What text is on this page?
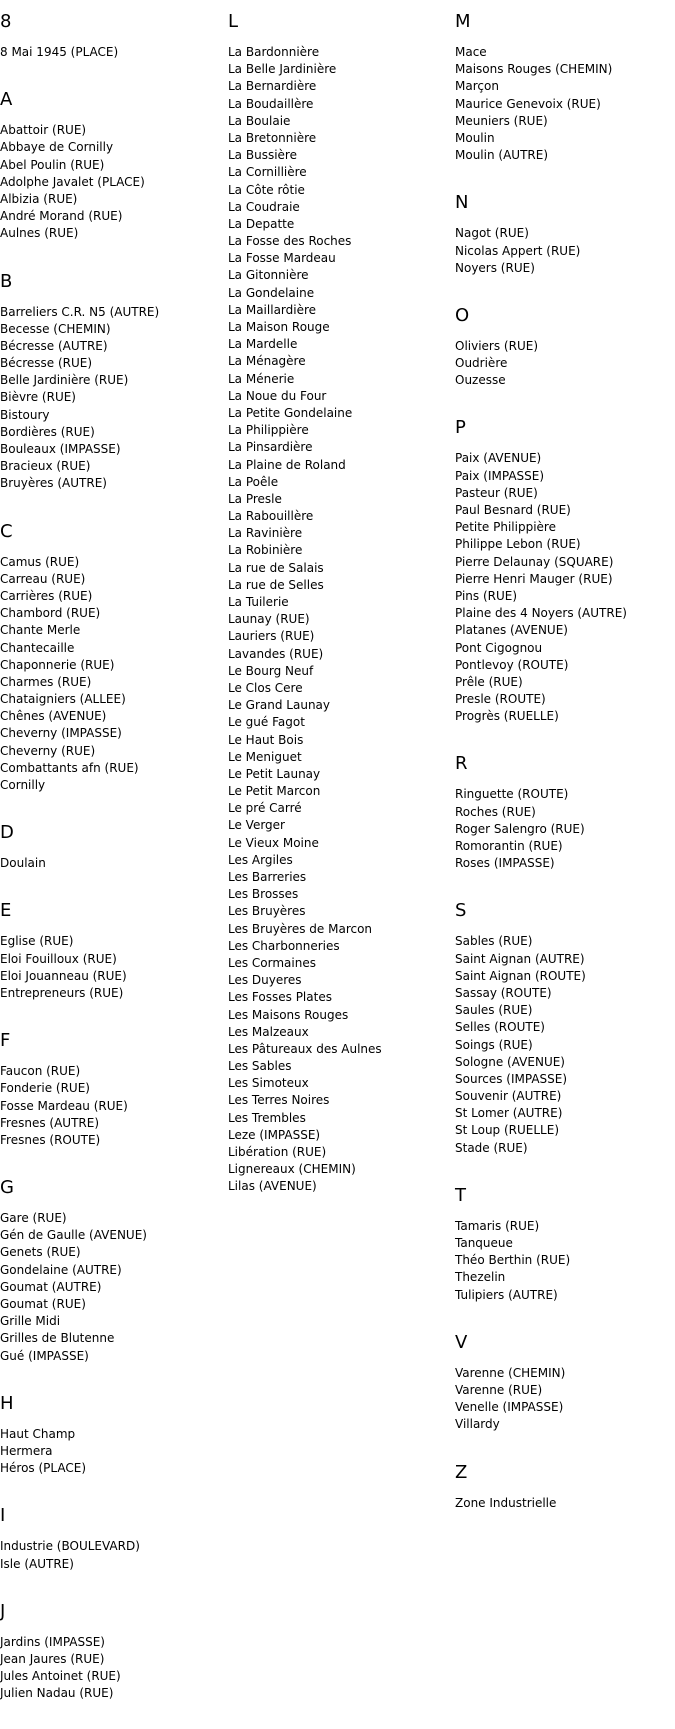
8
8 Mai 1945 (PLACE)
A
Abattoir (RUE)
Abbaye de Cornilly
Abel Poulin (RUE)
Adolphe Javalet (PLACE)
Albizia (RUE)
André Morand (RUE)
Aulnes (RUE)
B
Barreliers C.R. N5 (AUTRE)
Becesse (CHEMIN)
Bécresse (AUTRE)
Bécresse (RUE)
Belle Jardinière (RUE)
Bièvre (RUE)
Bistoury
Bordières (RUE)
Bouleaux (IMPASSE)
Bracieux (RUE)
Bruyères (AUTRE)
C
Camus (RUE)
Carreau (RUE)
Carrières (RUE)
Chambord (RUE)
Chante Merle
Chantecaille
Chaponnerie (RUE)
Charmes (RUE)
Chataigniers (ALLEE)
Chênes (AVENUE)
Cheverny (IMPASSE)
Cheverny (RUE)
Combattants afn (RUE)
Cornilly
D
Doulain
E
Eglise (RUE)
Eloi Fouilloux (RUE)
Eloi Jouanneau (RUE)
Entrepreneurs (RUE)
F
Faucon (RUE)
Fonderie (RUE)
Fosse Mardeau (RUE)
Fresnes (AUTRE)
Fresnes (ROUTE)
G
Gare (RUE)
Gén de Gaulle (AVENUE)
Genets (RUE)
Gondelaine (AUTRE)
Goumat (AUTRE)
Goumat (RUE)
Grille Midi
Grilles de Blutenne
Gué (IMPASSE)
H
Haut Champ
Hermera
Héros (PLACE)
I
Industrie (BOULEVARD)
Isle (AUTRE)
J
Jardins (IMPASSE)
Jean Jaures (RUE)
Jules Antoinet (RUE)
Julien Nadau (RUE)
L
La Bardonnière
La Belle Jardinière
La Bernardière
La Boudaillère
La Boulaie
La Bretonnière
La Bussière
La Cornillière
La Côte rôtie
La Coudraie
La Depatte
La Fosse des Roches
La Fosse Mardeau
La Gitonnière
La Gondelaine
La Maillardière
La Maison Rouge
La Mardelle
La Ménagère
La Ménerie
La Noue du Four
La Petite Gondelaine
La Philippière
La Pinsardière
La Plaine de Roland
La Poêle
La Presle
La Rabouillère
La Ravinière
La Robinière
La rue de Salais
La rue de Selles
La Tuilerie
Launay (RUE)
Lauriers (RUE)
Lavandes (RUE)
Le Bourg Neuf
Le Clos Cere
Le Grand Launay
Le gué Fagot
Le Haut Bois
Le Meniguet
Le Petit Launay
Le Petit Marcon
Le pré Carré
Le Verger
Le Vieux Moine
Les Argiles
Les Barreries
Les Brosses
Les Bruyères
Les Bruyères de Marcon
Les Charbonneries
Les Cormaines
Les Duyeres
Les Fosses Plates
Les Maisons Rouges
Les Malzeaux
Les Pâtureaux des Aulnes
Les Sables
Les Simoteux
Les Terres Noires
Les Trembles
Leze (IMPASSE)
Libération (RUE)
Lignereaux (CHEMIN)
Lilas (AVENUE)
M
Mace
Maisons Rouges (CHEMIN)
Marçon
Maurice Genevoix (RUE)
Meuniers (RUE)
Moulin
Moulin (AUTRE)
N
Nagot (RUE)
Nicolas Appert (RUE)
Noyers (RUE)
O
Oliviers (RUE)
Oudrière
Ouzesse
P
Paix (AVENUE)
Paix (IMPASSE)
Pasteur (RUE)
Paul Besnard (RUE)
Petite Philippière
Philippe Lebon (RUE)
Pierre Delaunay (SQUARE)
Pierre Henri Mauger (RUE)
Pins (RUE)
Plaine des 4 Noyers (AUTRE)
Platanes (AVENUE)
Pont Cigognou
Pontlevoy (ROUTE)
Prêle (RUE)
Presle (ROUTE)
Progrès (RUELLE)
R
Ringuette (ROUTE)
Roches (RUE)
Roger Salengro (RUE)
Romorantin (RUE)
Roses (IMPASSE)
S
Sables (RUE)
Saint Aignan (AUTRE)
Saint Aignan (ROUTE)
Sassay (ROUTE)
Saules (RUE)
Selles (ROUTE)
Soings (RUE)
Sologne (AVENUE)
Sources (IMPASSE)
Souvenir (AUTRE)
St Lomer (AUTRE)
St Loup (RUELLE)
Stade (RUE)
T
Tamaris (RUE)
Tanqueue
Théo Berthin (RUE)
Thezelin
Tulipiers (AUTRE)
V
Varenne (CHEMIN)
Varenne (RUE)
Venelle (IMPASSE)
Villardy
Z
Zone Industrielle
